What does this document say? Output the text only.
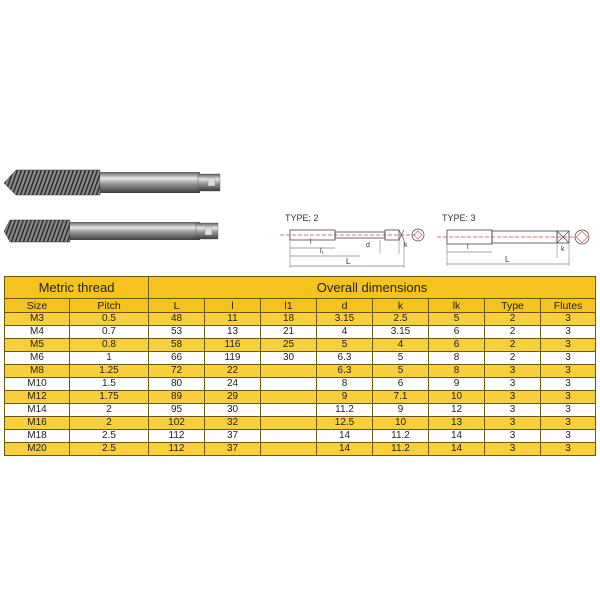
TYPE: 2
l
l₁
L
d	k
TYPE: 3
l
L
k
Metric thread		Overall dimensions							
Size	Pitch	L	l	l1	d	k	lk	Type	Flutes
M3	0.5	48	11	18	3.15	2.5	5	2	3
M4	0.7	53	13	21	4	3.15	6	2	3
M5	0.8	58	116	25	5	4	6	2	3
M6	1	66	119	30	6.3	5	8	2	3
M8	1.25	72	22		6.3	5	8	3	3
M10	1.5	80	24		8	6	9	3	3
M12	1.75	89	29		9	7.1	10	3	3
M14	2	95	30		11.2	9	12	3	3
M16	2	102	32		12.5	10	13	3	3
M18	2.5	112	37		14	11.2	14	3	3
M20	2.5	112	37		14	11.2	14	3	3
